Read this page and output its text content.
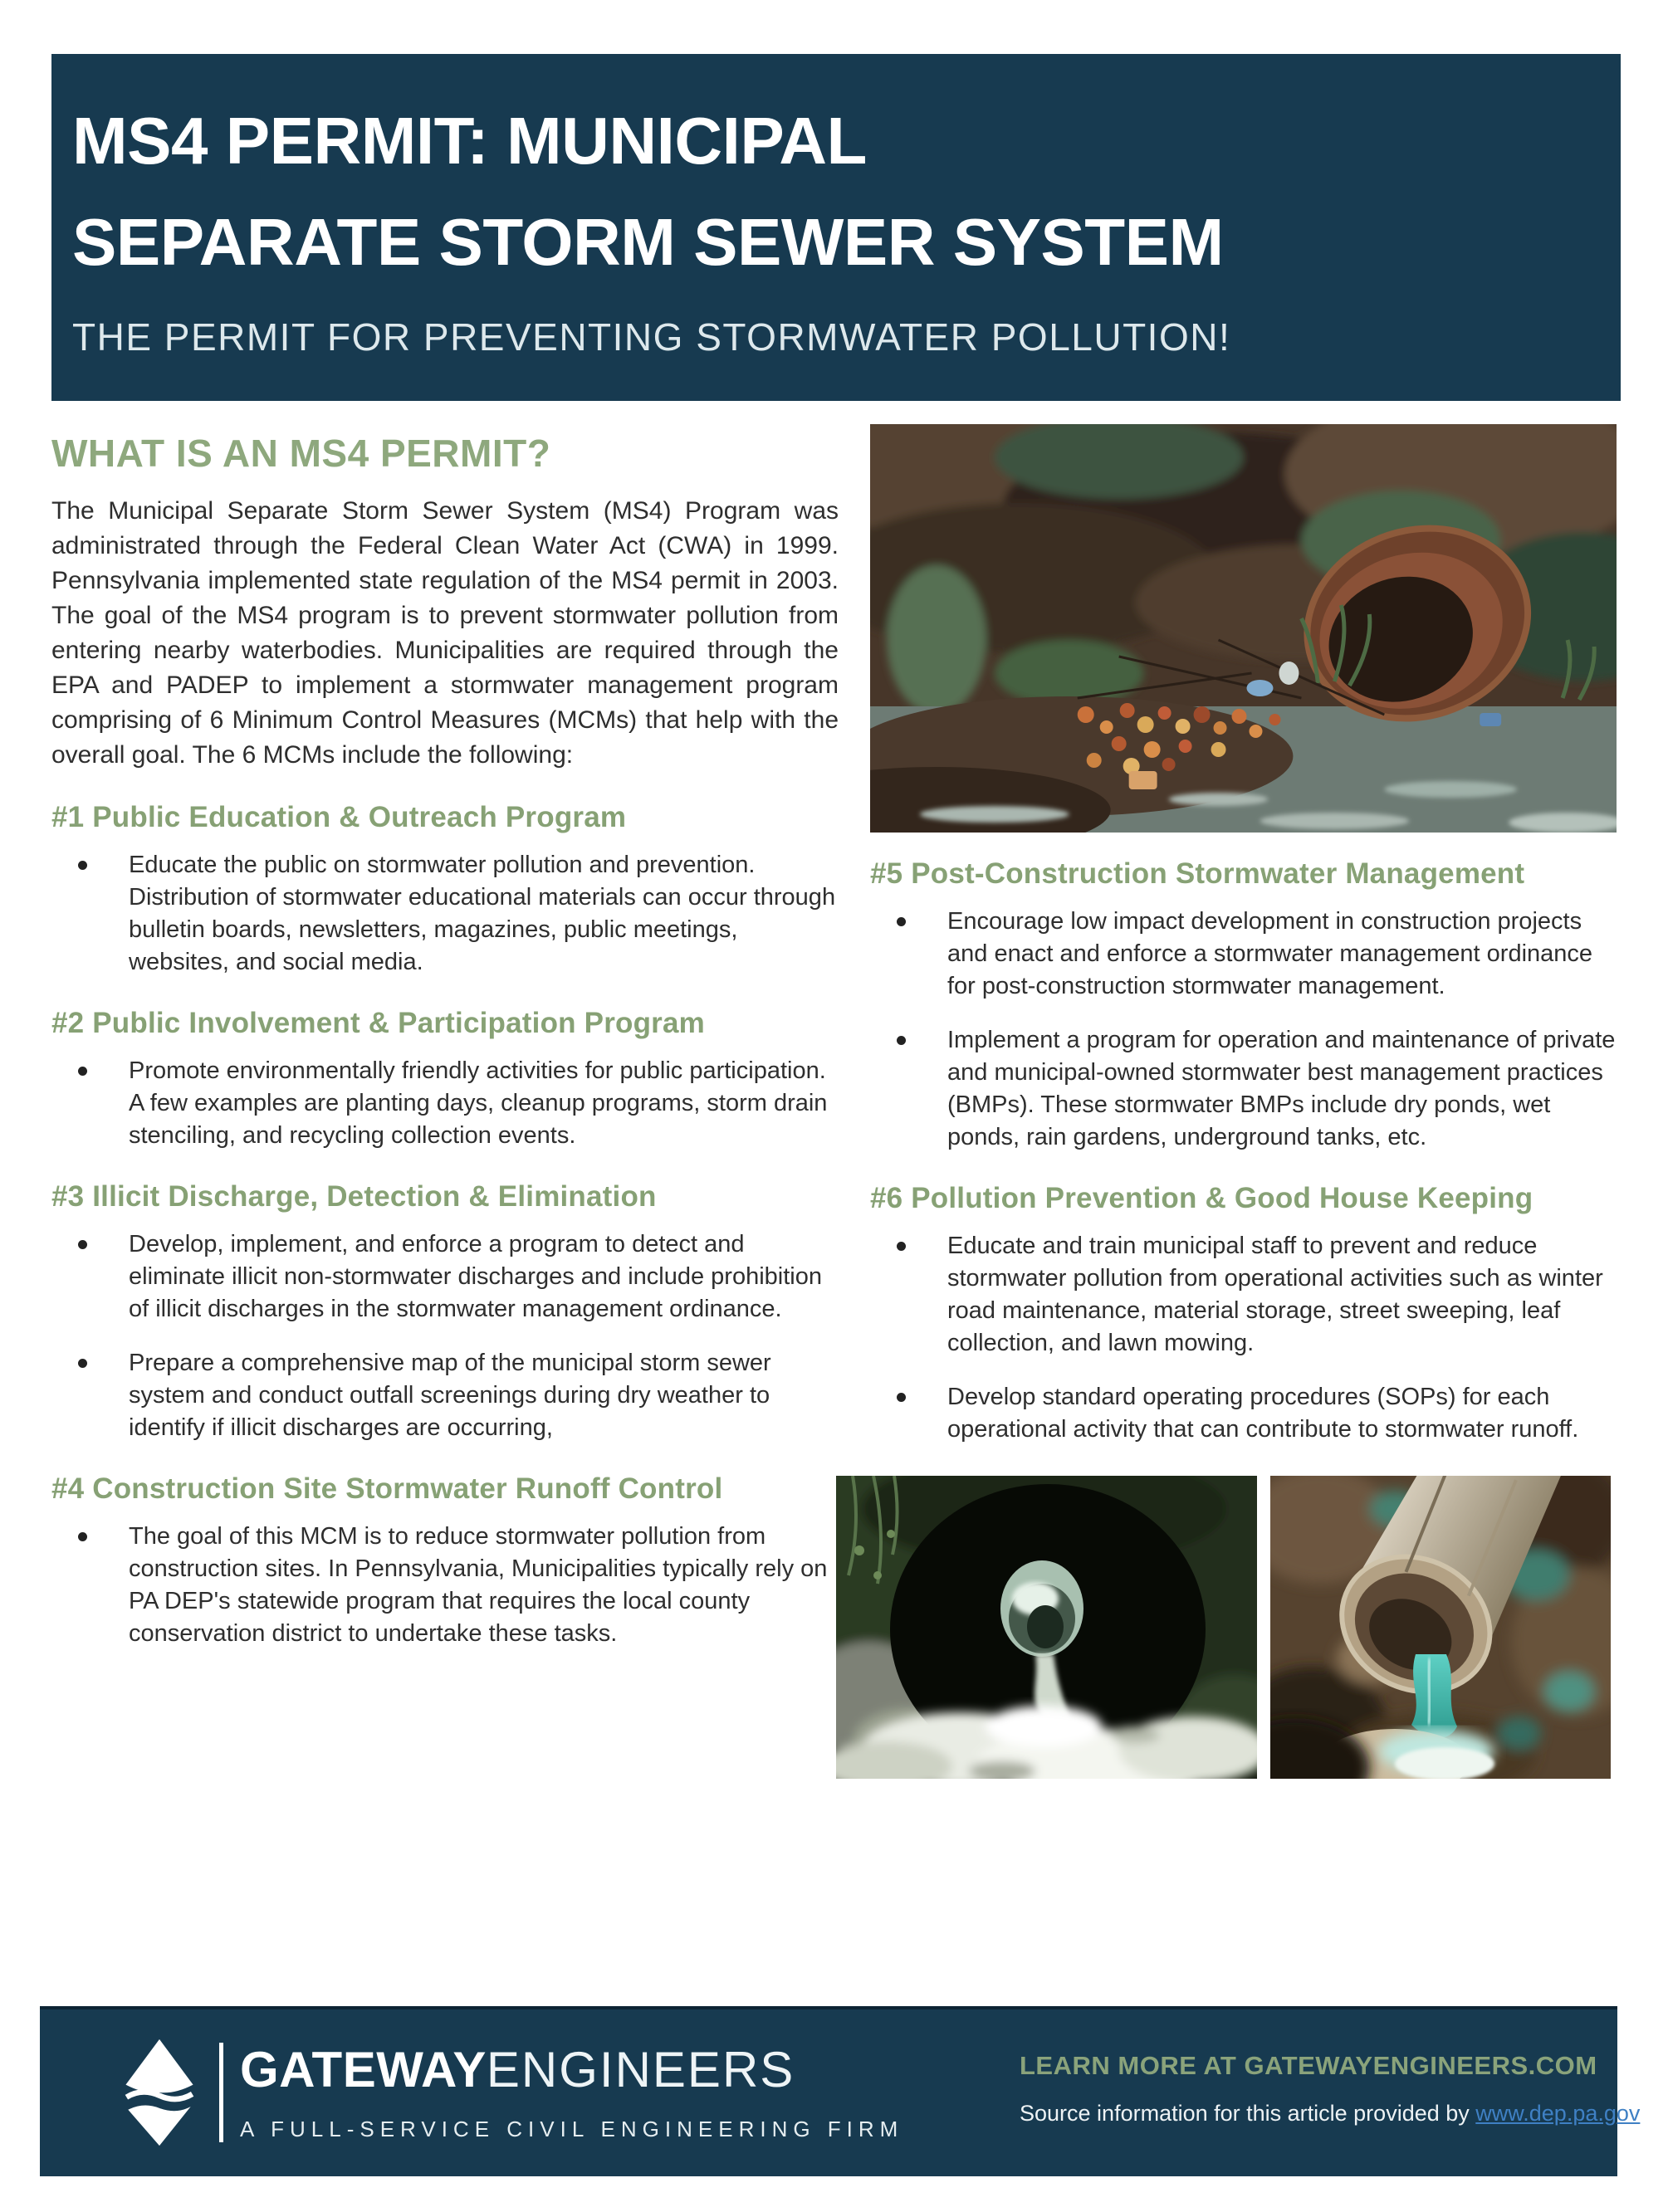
MS4 PERMIT: MUNICIPAL
SEPARATE STORM SEWER SYSTEM
THE PERMIT FOR PREVENTING STORMWATER POLLUTION!
WHAT IS AN MS4 PERMIT?

The Municipal Separate Storm Sewer System (MS4) Program was administrated through the Federal Clean Water Act (CWA) in 1999. Pennsylvania implemented state regulation of the MS4 permit in 2003. The goal of the MS4 program is to prevent stormwater pollution from entering nearby waterbodies. Municipalities are required through the EPA and PADEP to implement a stormwater management program comprising of 6 Minimum Control Measures (MCMs) that help with the overall goal. The 6 MCMs include the following:

#1 Public Education & Outreach Program
Educate the public on stormwater pollution and prevention. Distribution of stormwater educational materials can occur through bulletin boards, newsletters, magazines, public meetings, websites, and social media.
#2 Public Involvement & Participation Program
Promote environmentally friendly activities for public participation. A few examples are planting days, cleanup programs, storm drain stenciling, and recycling collection events.
#3 Illicit Discharge, Detection & Elimination
Develop, implement, and enforce a program to detect and eliminate illicit non-stormwater discharges and include prohibition of illicit discharges in the stormwater management ordinance.
Prepare a comprehensive map of the municipal storm sewer system and conduct outfall screenings during dry weather to identify if illicit discharges are occurring,
#4 Construction Site Stormwater Runoff Control
The goal of this MCM is to reduce stormwater pollution from construction sites. In Pennsylvania, Municipalities typically rely on PA DEP's statewide program that requires the local county conservation district to undertake these tasks.
#5 Post-Construction Stormwater Management
Encourage low impact development in construction projects and enact and enforce a stormwater management ordinance for post-construction stormwater management.
Implement a program for operation and maintenance of private and municipal-owned stormwater best management practices (BMPs). These stormwater BMPs include dry ponds, wet ponds, rain gardens, underground tanks, etc.
#6 Pollution Prevention & Good House Keeping
Educate and train municipal staff to prevent and reduce stormwater pollution from operational activities such as winter road maintenance, material storage, street sweeping, leaf collection, and lawn mowing.
Develop standard operating procedures (SOPs) for each operational activity that can contribute to stormwater runoff.
GATEWAYENGINEERS
A FULL-SERVICE CIVIL ENGINEERING FIRM
LEARN MORE AT GATEWAYENGINEERS.COM
Source information for this article provided by www.dep.pa.gov
